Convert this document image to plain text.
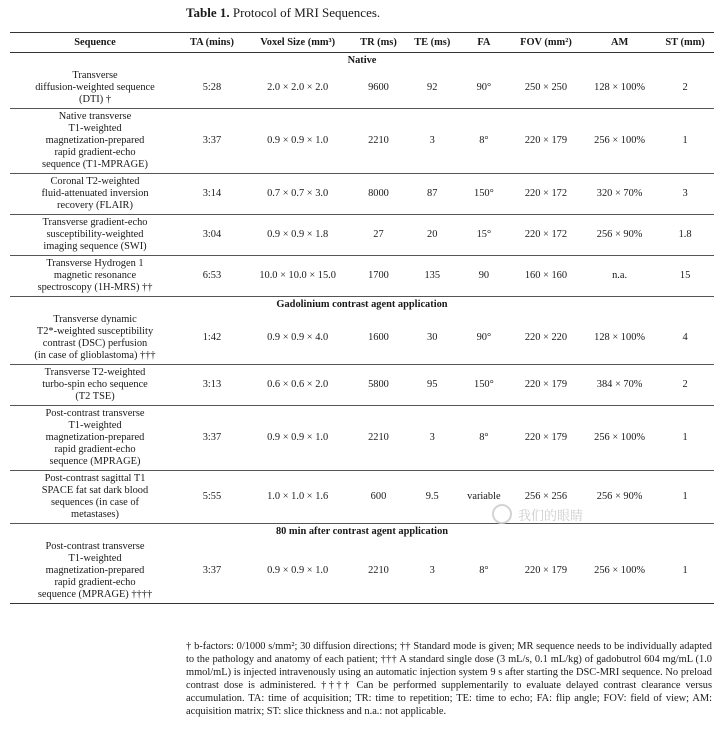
Table 1. Protocol of MRI Sequences.
Sequence	TA (mins)	Voxel Size (mm³)	TR (ms)	TE (ms)	FA	FOV (mm²)	AM	ST (mm)
Native								

Transverse
diffusion-weighted sequence
(DTI) †	5:28	2.0 × 2.0 × 2.0	9600	92	90°	250 × 250	128 × 100%	2

Native transverse
T1-weighted
magnetization-prepared
rapid gradient-echo
sequence (T1-MPRAGE)	3:37	0.9 × 0.9 × 1.0	2210	3	8°	220 × 179	256 × 100%	1

Coronal T2-weighted
fluid-attenuated inversion
recovery (FLAIR)	3:14	0.7 × 0.7 × 3.0	8000	87	150°	220 × 172	320 × 70%	3

Transverse gradient-echo
susceptibility-weighted
imaging sequence (SWI)	3:04	0.9 × 0.9 × 1.8	27	20	15°	220 × 172	256 × 90%	1.8

Transverse Hydrogen 1
magnetic resonance
spectroscopy (1H-MRS) ††	6:53	10.0 × 10.0 × 15.0	1700	135	90	160 × 160	n.a.	15
Gadolinium contrast agent application								

Transverse dynamic
T2*-weighted susceptibility
contrast (DSC) perfusion
(in case of glioblastoma) †††	1:42	0.9 × 0.9 × 4.0	1600	30	90°	220 × 220	128 × 100%	4

Transverse T2-weighted
turbo-spin echo sequence
(T2 TSE)	3:13	0.6 × 0.6 × 2.0	5800	95	150°	220 × 179	384 × 70%	2

Post-contrast transverse
T1-weighted
magnetization-prepared
rapid gradient-echo
sequence (MPRAGE)	3:37	0.9 × 0.9 × 1.0	2210	3	8°	220 × 179	256 × 100%	1

Post-contrast sagittal T1
SPACE fat sat dark blood
sequences (in case of
metastases)	5:55	1.0 × 1.0 × 1.6	600	9.5	variable	256 × 256	256 × 90%	1
80 min after contrast agent application								

Post-contrast transverse
T1-weighted
magnetization-prepared
rapid gradient-echo
sequence (MPRAGE) ††††	3:37	0.9 × 0.9 × 1.0	2210	3	8°	220 × 179	256 × 100%	1
† b-factors: 0/1000 s/mm²; 30 diffusion directions; †† Standard mode is given; MR sequence needs to be individually adapted to the pathology and anatomy of each patient; ††† A standard single dose (3 mL/s, 0.1 mL/kg) of gadobutrol 604 mg/mL (1.0 mmol/mL) is injected intravenously using an automatic injection system 9 s after starting the DSC-MRI sequence. No preload contrast dose is administered. †††† Can be performed supplementarily to evaluate delayed contrast clearance versus accumulation. TA: time of acquisition; TR: time to repetition; TE: time to echo; FA: flip angle; FOV: field of view; AM: acquisition matrix; ST: slice thickness and n.a.: not applicable.
我们的眼睛
